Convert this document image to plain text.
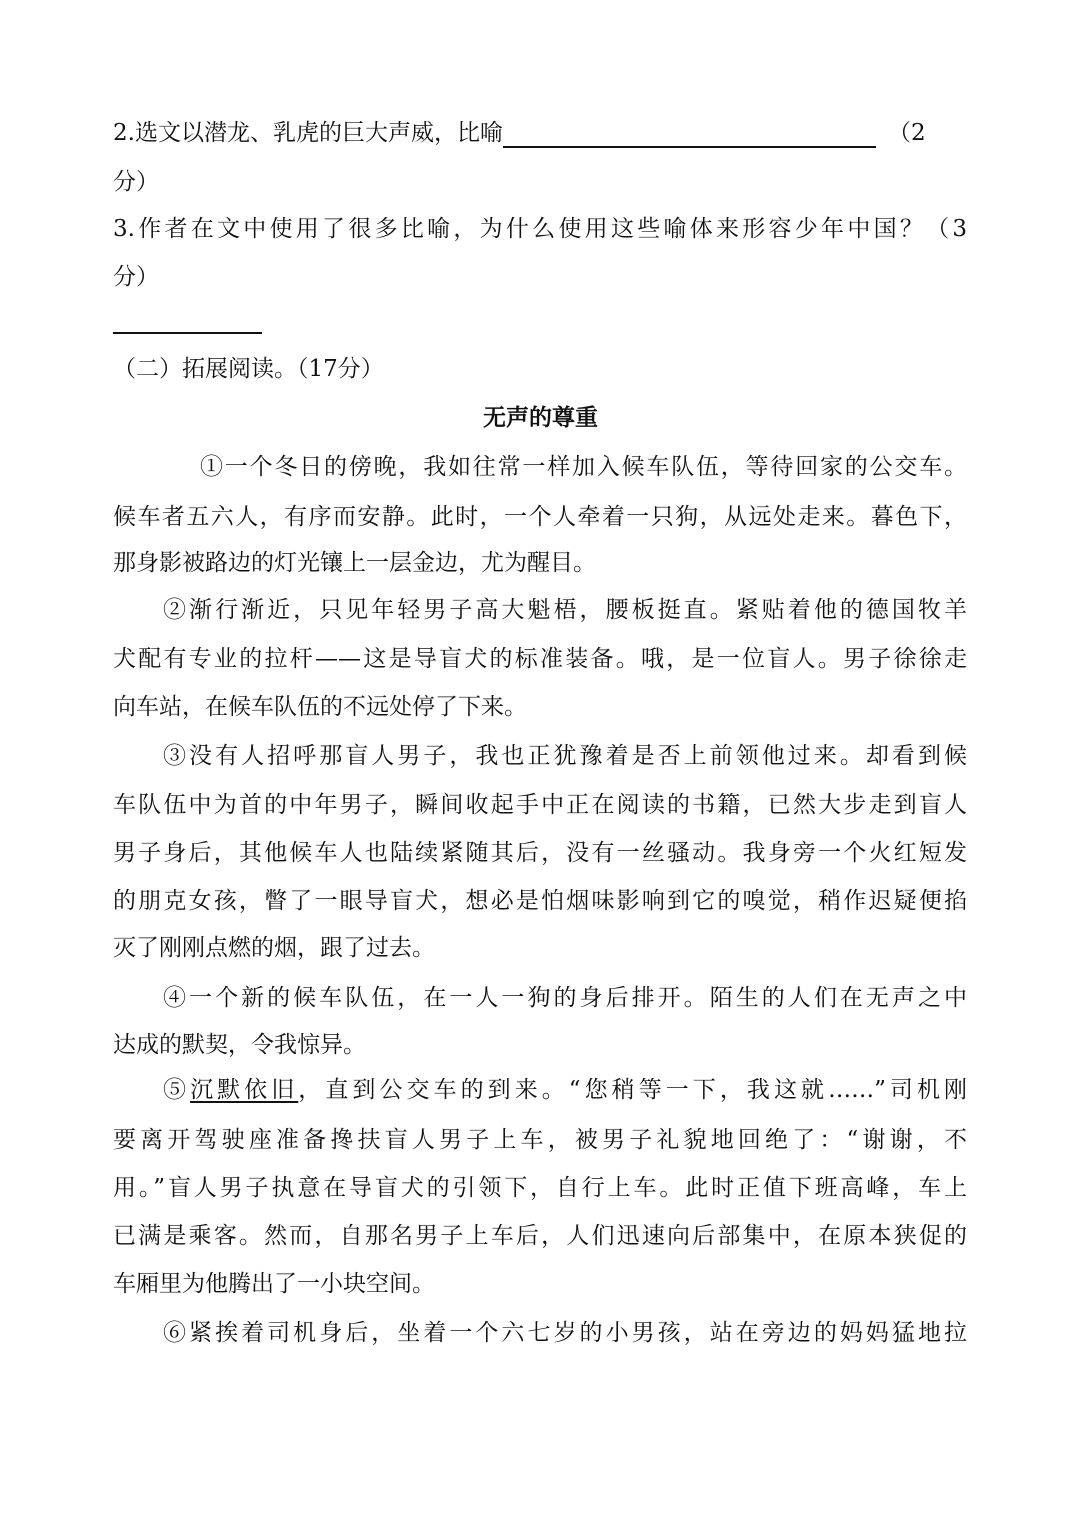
2.选文以潜龙、乳虎的巨大声威，比喻	（2
分）
3.作者在文中使用了很多比喻，为什么使用这些喻体来形容少年中国？（3
分）
（二）拓展阅读。（17分）
无声的尊重
①一个冬日的傍晚，我如往常一样加入候车队伍，等待回家的公交车。
候车者五六人，有序而安静。此时，一个人牵着一只狗，从远处走来。暮色下，
那身影被路边的灯光镶上一层金边，尤为醒目。
②渐行渐近，只见年轻男子高大魁梧，腰板挺直。紧贴着他的德国牧羊
犬配有专业的拉杆——这是导盲犬的标准装备。哦，是一位盲人。男子徐徐走
向车站，在候车队伍的不远处停了下来。
③没有人招呼那盲人男子，我也正犹豫着是否上前领他过来。却看到候
车队伍中为首的中年男子，瞬间收起手中正在阅读的书籍，已然大步走到盲人
男子身后，其他候车人也陆续紧随其后，没有一丝骚动。我身旁一个火红短发
的朋克女孩，瞥了一眼导盲犬，想必是怕烟味影响到它的嗅觉，稍作迟疑便掐
灭了刚刚点燃的烟，跟了过去。
④一个新的候车队伍，在一人一狗的身后排开。陌生的人们在无声之中
达成的默契，令我惊异。
⑤沉默依旧，直到公交车的到来。“您稍等一下，我这就……”司机刚
要离开驾驶座准备搀扶盲人男子上车，被男子礼貌地回绝了：“谢谢，不
用。”盲人男子执意在导盲犬的引领下，自行上车。此时正值下班高峰，车上
已满是乘客。然而，自那名男子上车后，人们迅速向后部集中，在原本狭促的
车厢里为他腾出了一小块空间。
⑥紧挨着司机身后，坐着一个六七岁的小男孩，站在旁边的妈妈猛地拉
